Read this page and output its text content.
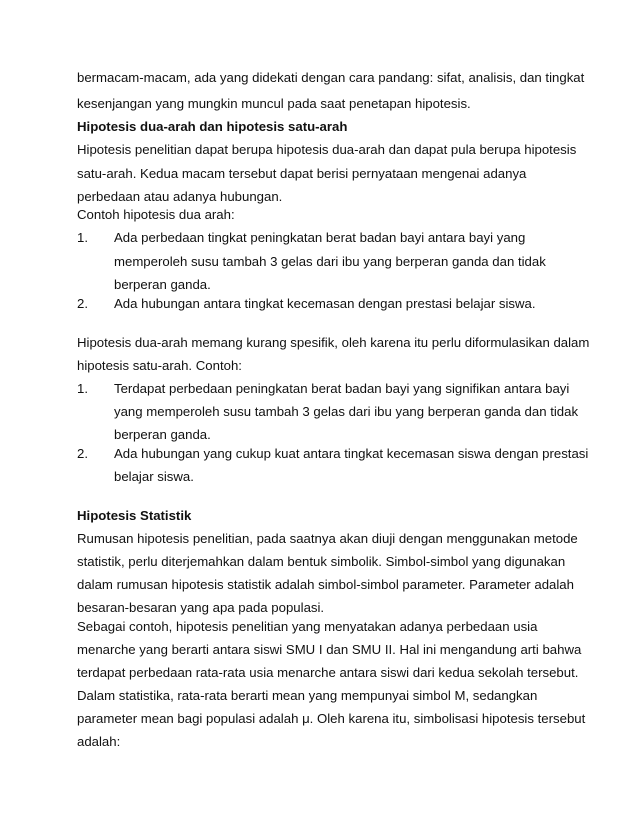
bermacam-macam, ada yang didekati dengan cara pandang: sifat, analisis, dan tingkat
kesenjangan yang mungkin muncul pada saat penetapan hipotesis.
Hipotesis dua-arah dan hipotesis satu-arah
Hipotesis penelitian dapat berupa hipotesis dua-arah dan dapat pula berupa hipotesis
satu-arah. Kedua macam tersebut dapat berisi pernyataan mengenai adanya
perbedaan atau adanya hubungan.
Contoh hipotesis dua arah:
1. Ada perbedaan tingkat peningkatan berat badan bayi antara bayi yang
memperoleh susu tambah 3 gelas dari ibu yang berperan ganda dan tidak
berperan ganda.
2. Ada hubungan antara tingkat kecemasan dengan prestasi belajar siswa.
Hipotesis dua-arah memang kurang spesifik, oleh karena itu perlu diformulasikan dalam
hipotesis satu-arah. Contoh:
1. Terdapat perbedaan peningkatan berat badan bayi yang signifikan antara bayi
yang memperoleh susu tambah 3 gelas dari ibu yang berperan ganda dan tidak
berperan ganda.
2. Ada hubungan yang cukup kuat antara tingkat kecemasan siswa dengan prestasi
belajar siswa.
Hipotesis Statistik
Rumusan hipotesis penelitian, pada saatnya akan diuji dengan menggunakan metode
statistik, perlu diterjemahkan dalam bentuk simbolik. Simbol-simbol yang digunakan
dalam rumusan hipotesis statistik adalah simbol-simbol parameter. Parameter adalah
besaran-besaran yang apa pada populasi.
Sebagai contoh, hipotesis penelitian yang menyatakan adanya perbedaan usia
menarche yang berarti antara siswi SMU I dan SMU II. Hal ini mengandung arti bahwa
terdapat perbedaan rata-rata usia menarche antara siswi dari kedua sekolah tersebut.
Dalam statistika, rata-rata berarti mean yang mempunyai simbol M, sedangkan
parameter mean bagi populasi adalah μ. Oleh karena itu, simbolisasi hipotesis tersebut
adalah:
